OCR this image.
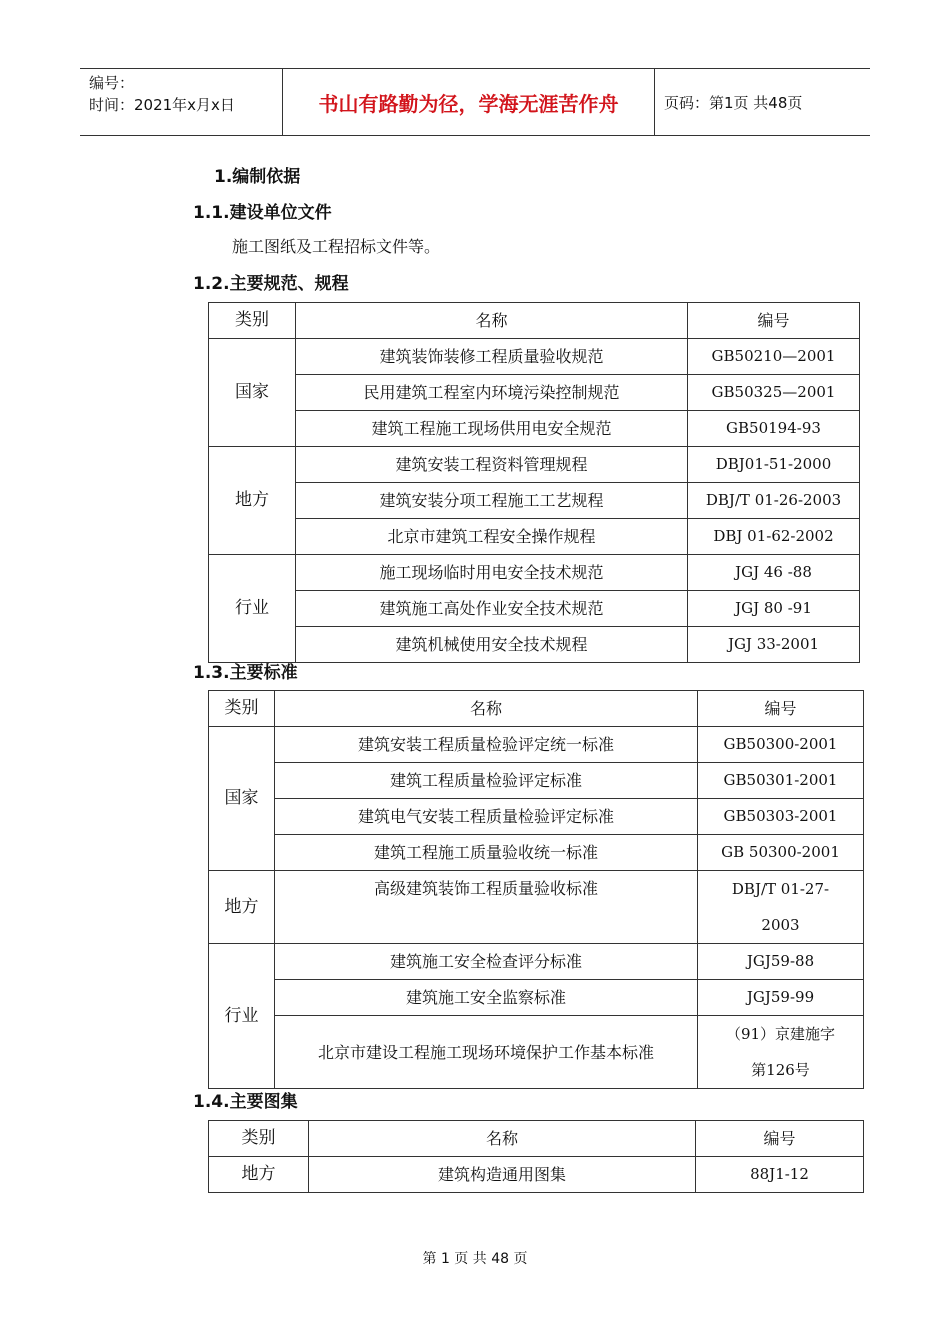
编号：
时间：2021年x月x日	书山有路勤为径，学海无涯苦作舟	页码：第1页 共48页
1.编制依据
1.1.建设单位文件
施工图纸及工程招标文件等。
1.2.主要规范、规程
类别	名称	编号
国家	建筑装饰装修工程质量验收规范	GB50210—2001
	民用建筑工程室内环境污染控制规范	GB50325—2001
	建筑工程施工现场供用电安全规范	GB50194-93
地方	建筑安装工程资料管理规程	DBJ01-51-2000
	建筑安装分项工程施工工艺规程	DBJ/T 01-26-2003
	北京市建筑工程安全操作规程	DBJ 01-62-2002
行业	施工现场临时用电安全技术规范	JGJ 46 -88
	建筑施工高处作业安全技术规范	JGJ 80 -91
	建筑机械使用安全技术规程	JGJ 33-2001
1.3.主要标准
类别	名称	编号
国家	建筑安装工程质量检验评定统一标准	GB50300-2001
	建筑工程质量检验评定标准	GB50301-2001
	建筑电气安装工程质量检验评定标准	GB50303-2001
	建筑工程施工质量验收统一标准	GB 50300-2001
地方	高级建筑装饰工程质量验收标准	DBJ/T 01-27-
2003

行业	建筑施工安全检查评分标准	JGJ59-88
	建筑施工安全监察标准	JGJ59-99
	北京市建设工程施工现场环境保护工作基本标准	（91）京建施字
第126号
1.4.主要图集
类别	名称	编号
地方	建筑构造通用图集	88J1-12
第 1 页 共 48 页
